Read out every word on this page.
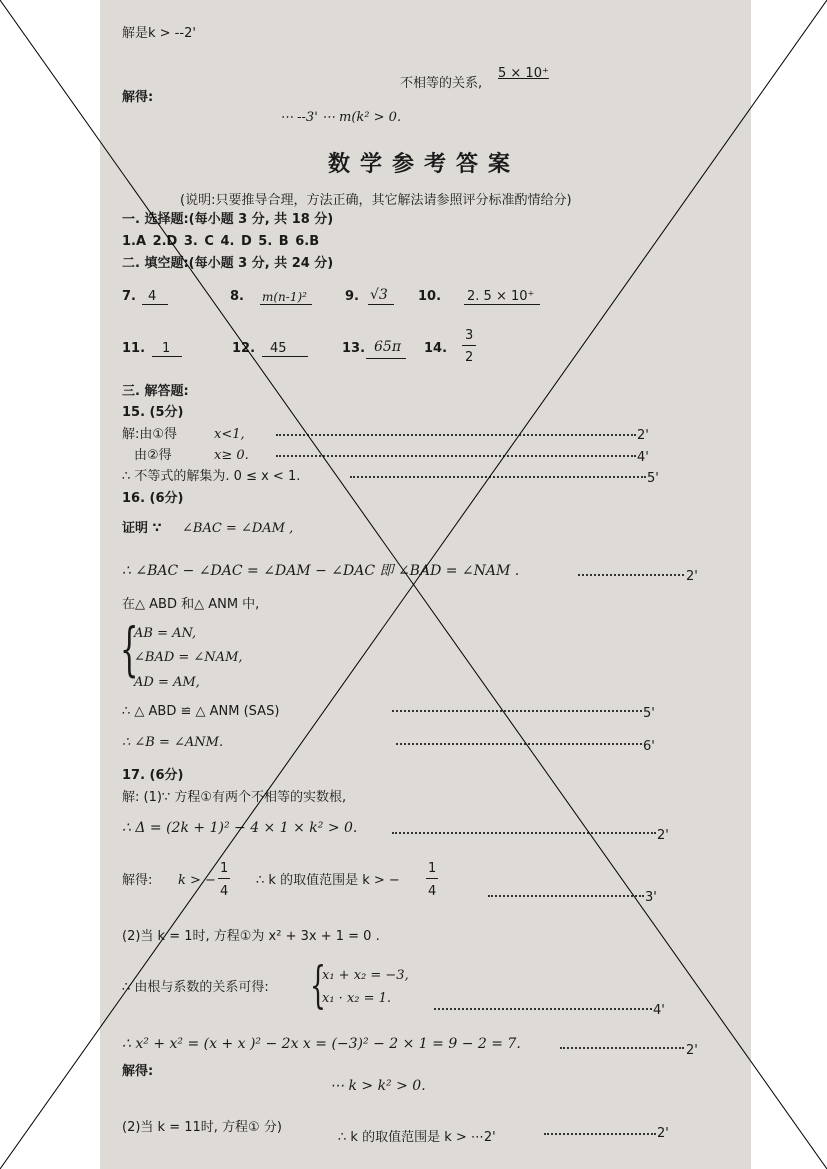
解是k > --2'
不相等的关系,
5 × 10⁺
解得:
⋯ --3' ⋯ m(k² > 0.
数学参考答案
(说明:只要推导合理，方法正确，其它解法请参照评分标准酌情给分)
一. 选择题:(每小题 3 分, 共 18 分)
1.A 2.D 3. C 4. D 5. B 6.B
二. 填空题:(每小题 3 分, 共 24 分)
7. 4	8. m(n-1)²	9. √3 10. 2. 5 × 10⁺
11. 1	12. 45	13. 65π 14.
3
2
三. 解答题:
15. (5分)
解:由①得	x<1,	2'
由②得	x≥ 0.	4'
∴ 不等式的解集为. 0 ≤ x < 1.	5'
16. (6分)
证明 ∵ ∠BAC = ∠DAM ,
∴ ∠BAC − ∠DAC = ∠DAM − ∠DAC 即 ∠BAD = ∠NAM .	2'
在△ ABD 和△ ANM 中,
{
AB = AN,
∠BAD = ∠NAM,
AD = AM,
∴ △ ABD ≌ △ ANM (SAS)	5'
∴ ∠B = ∠ANM.	6'
17. (6分)
解: (1)∵ 方程①有两个不相等的实数根,
∴ Δ = (2k + 1)² − 4 × 1 × k² > 0.	2'
解得: k > −
1
4
∴ k 的取值范围是 k > −
1
4	3'
(2)当 k = 1时, 方程①为 x² + 3x + 1 = 0 .
∴ 由根与系数的关系可得: {
x₁ + x₂ = −3,
x₁ · x₂ = 1.
4'
∴ x² + x² = (x + x )² − 2x x = (−3)² − 2 × 1 = 9 − 2 = 7.	2'
解得:
⋯ k > k² > 0.
(2)当 k = 11时, 方程① 分)
∴ k 的取值范围是 k > ⋯2'	2'
